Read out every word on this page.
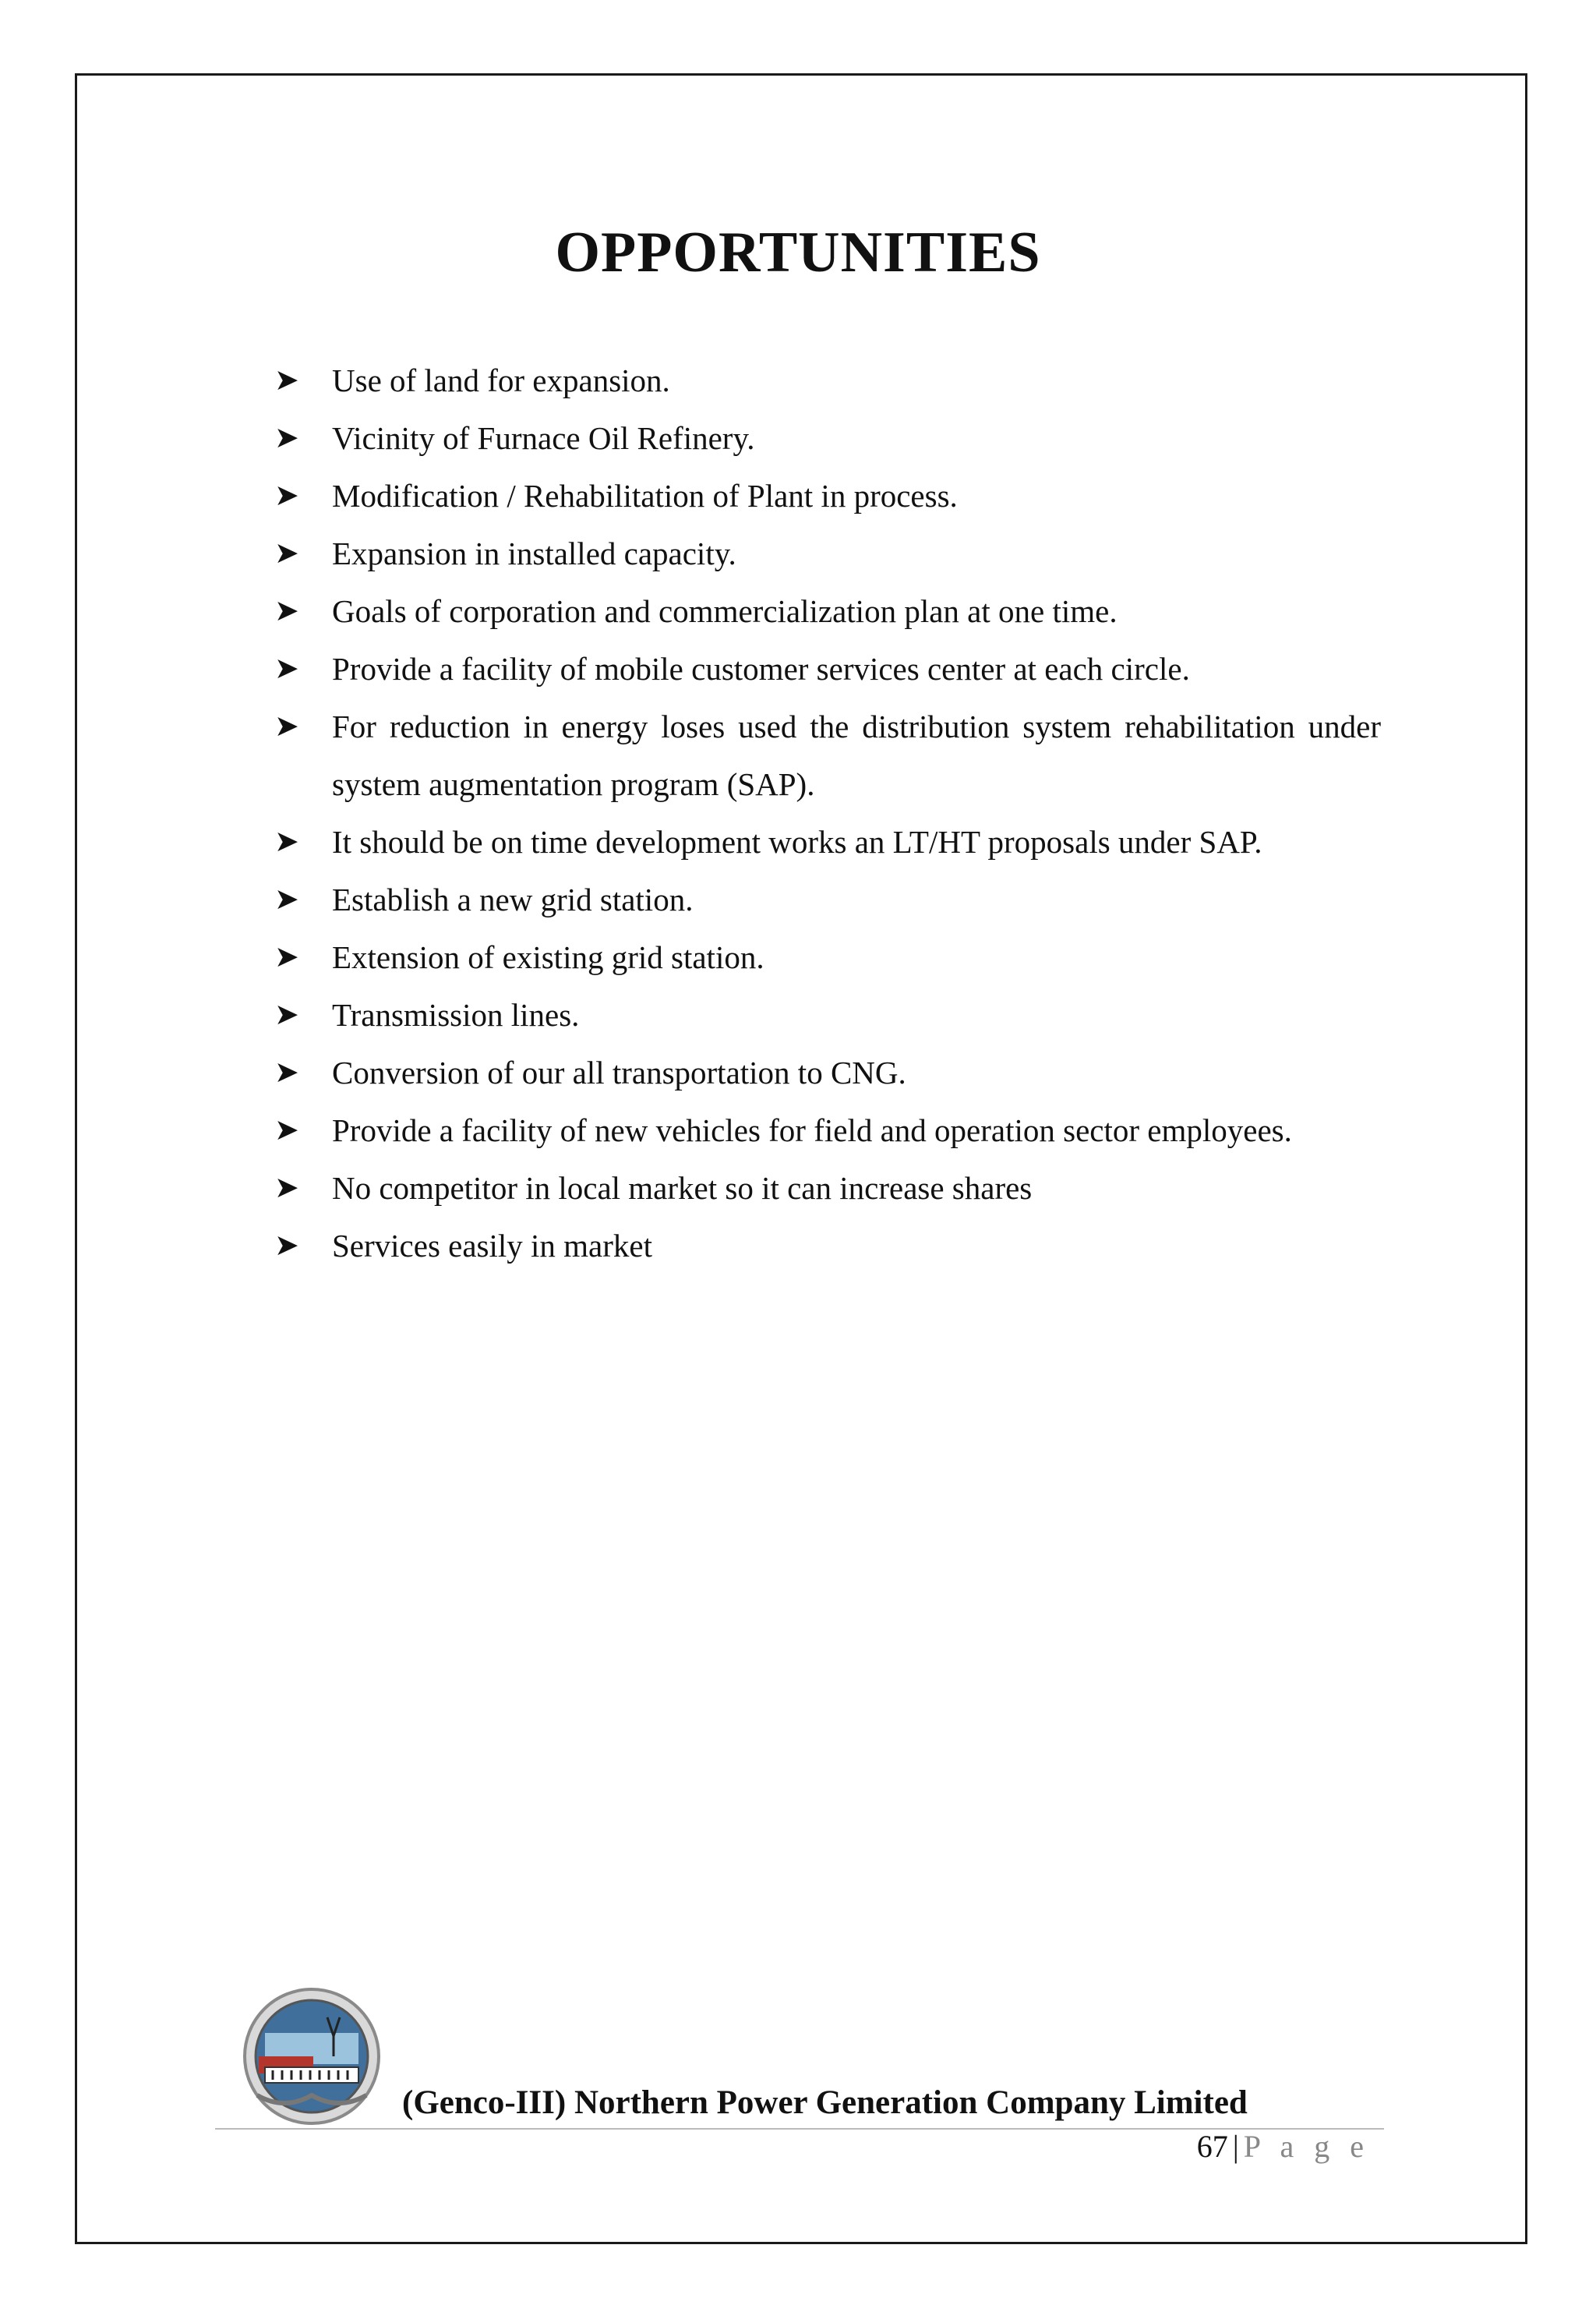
OPPORTUNITIES
➤ Use of land for expansion.
➤ Vicinity of Furnace Oil Refinery.
➤ Modification / Rehabilitation of Plant in process.
➤ Expansion in installed capacity.
➤ Goals of corporation and commercialization plan at one time.
➤ Provide a facility of mobile customer services center at each circle.
➤ For reduction in energy loses used the distribution system rehabilitation under system augmentation program (SAP).
➤ It should be on time development works an LT/HT proposals under SAP.
➤ Establish a new grid station.
➤ Extension of existing grid station.
➤ Transmission lines.
➤ Conversion of our all transportation to CNG.
➤ Provide a facility of new vehicles for field and operation sector employees.
➤ No competitor in local market so it can increase shares
➤ Services easily in market
(Genco-III) Northern Power Generation Company Limited
67 | P a g e
